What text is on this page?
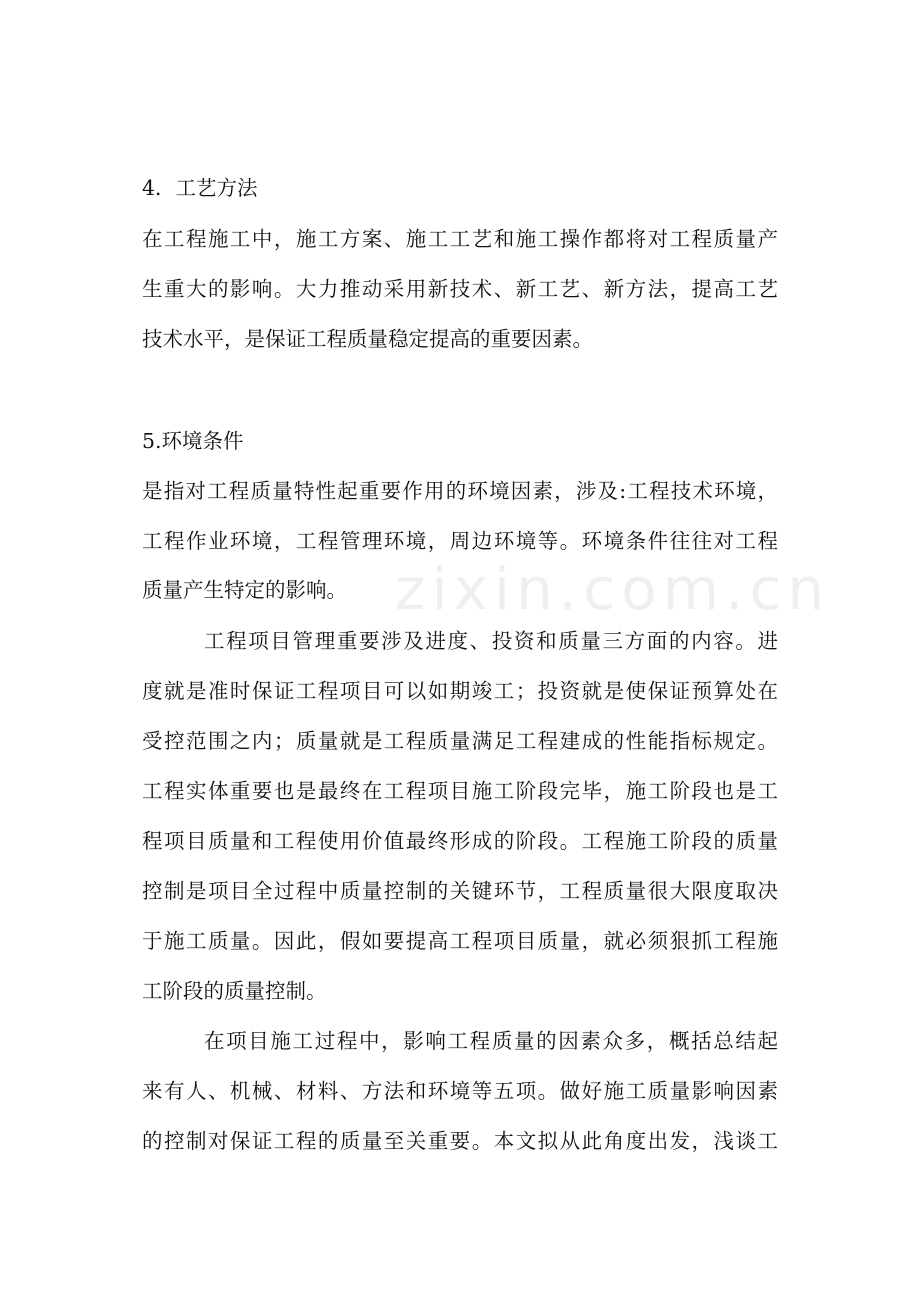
zixin.com.cn
4．工艺方法
在工程施工中，施工方案、施工工艺和施工操作都将对工程质量产
生重大的影响。大力推动采用新技术、新工艺、新方法，提高工艺
技术水平，是保证工程质量稳定提高的重要因素。
5.环境条件
是指对工程质量特性起重要作用的环境因素，涉及:工程技术环境，
工程作业环境，工程管理环境，周边环境等。环境条件往往对工程
质量产生特定的影响。
工程项目管理重要涉及进度、投资和质量三方面的内容。进
度就是准时保证工程项目可以如期竣工；投资就是使保证预算处在
受控范围之内；质量就是工程质量满足工程建成的性能指标规定。
工程实体重要也是最终在工程项目施工阶段完毕，施工阶段也是工
程项目质量和工程使用价值最终形成的阶段。工程施工阶段的质量
控制是项目全过程中质量控制的关键环节，工程质量很大限度取决
于施工质量。因此，假如要提高工程项目质量，就必须狠抓工程施
工阶段的质量控制。
在项目施工过程中，影响工程质量的因素众多，概括总结起
来有人、机械、材料、方法和环境等五项。做好施工质量影响因素
的控制对保证工程的质量至关重要。本文拟从此角度出发，浅谈工
